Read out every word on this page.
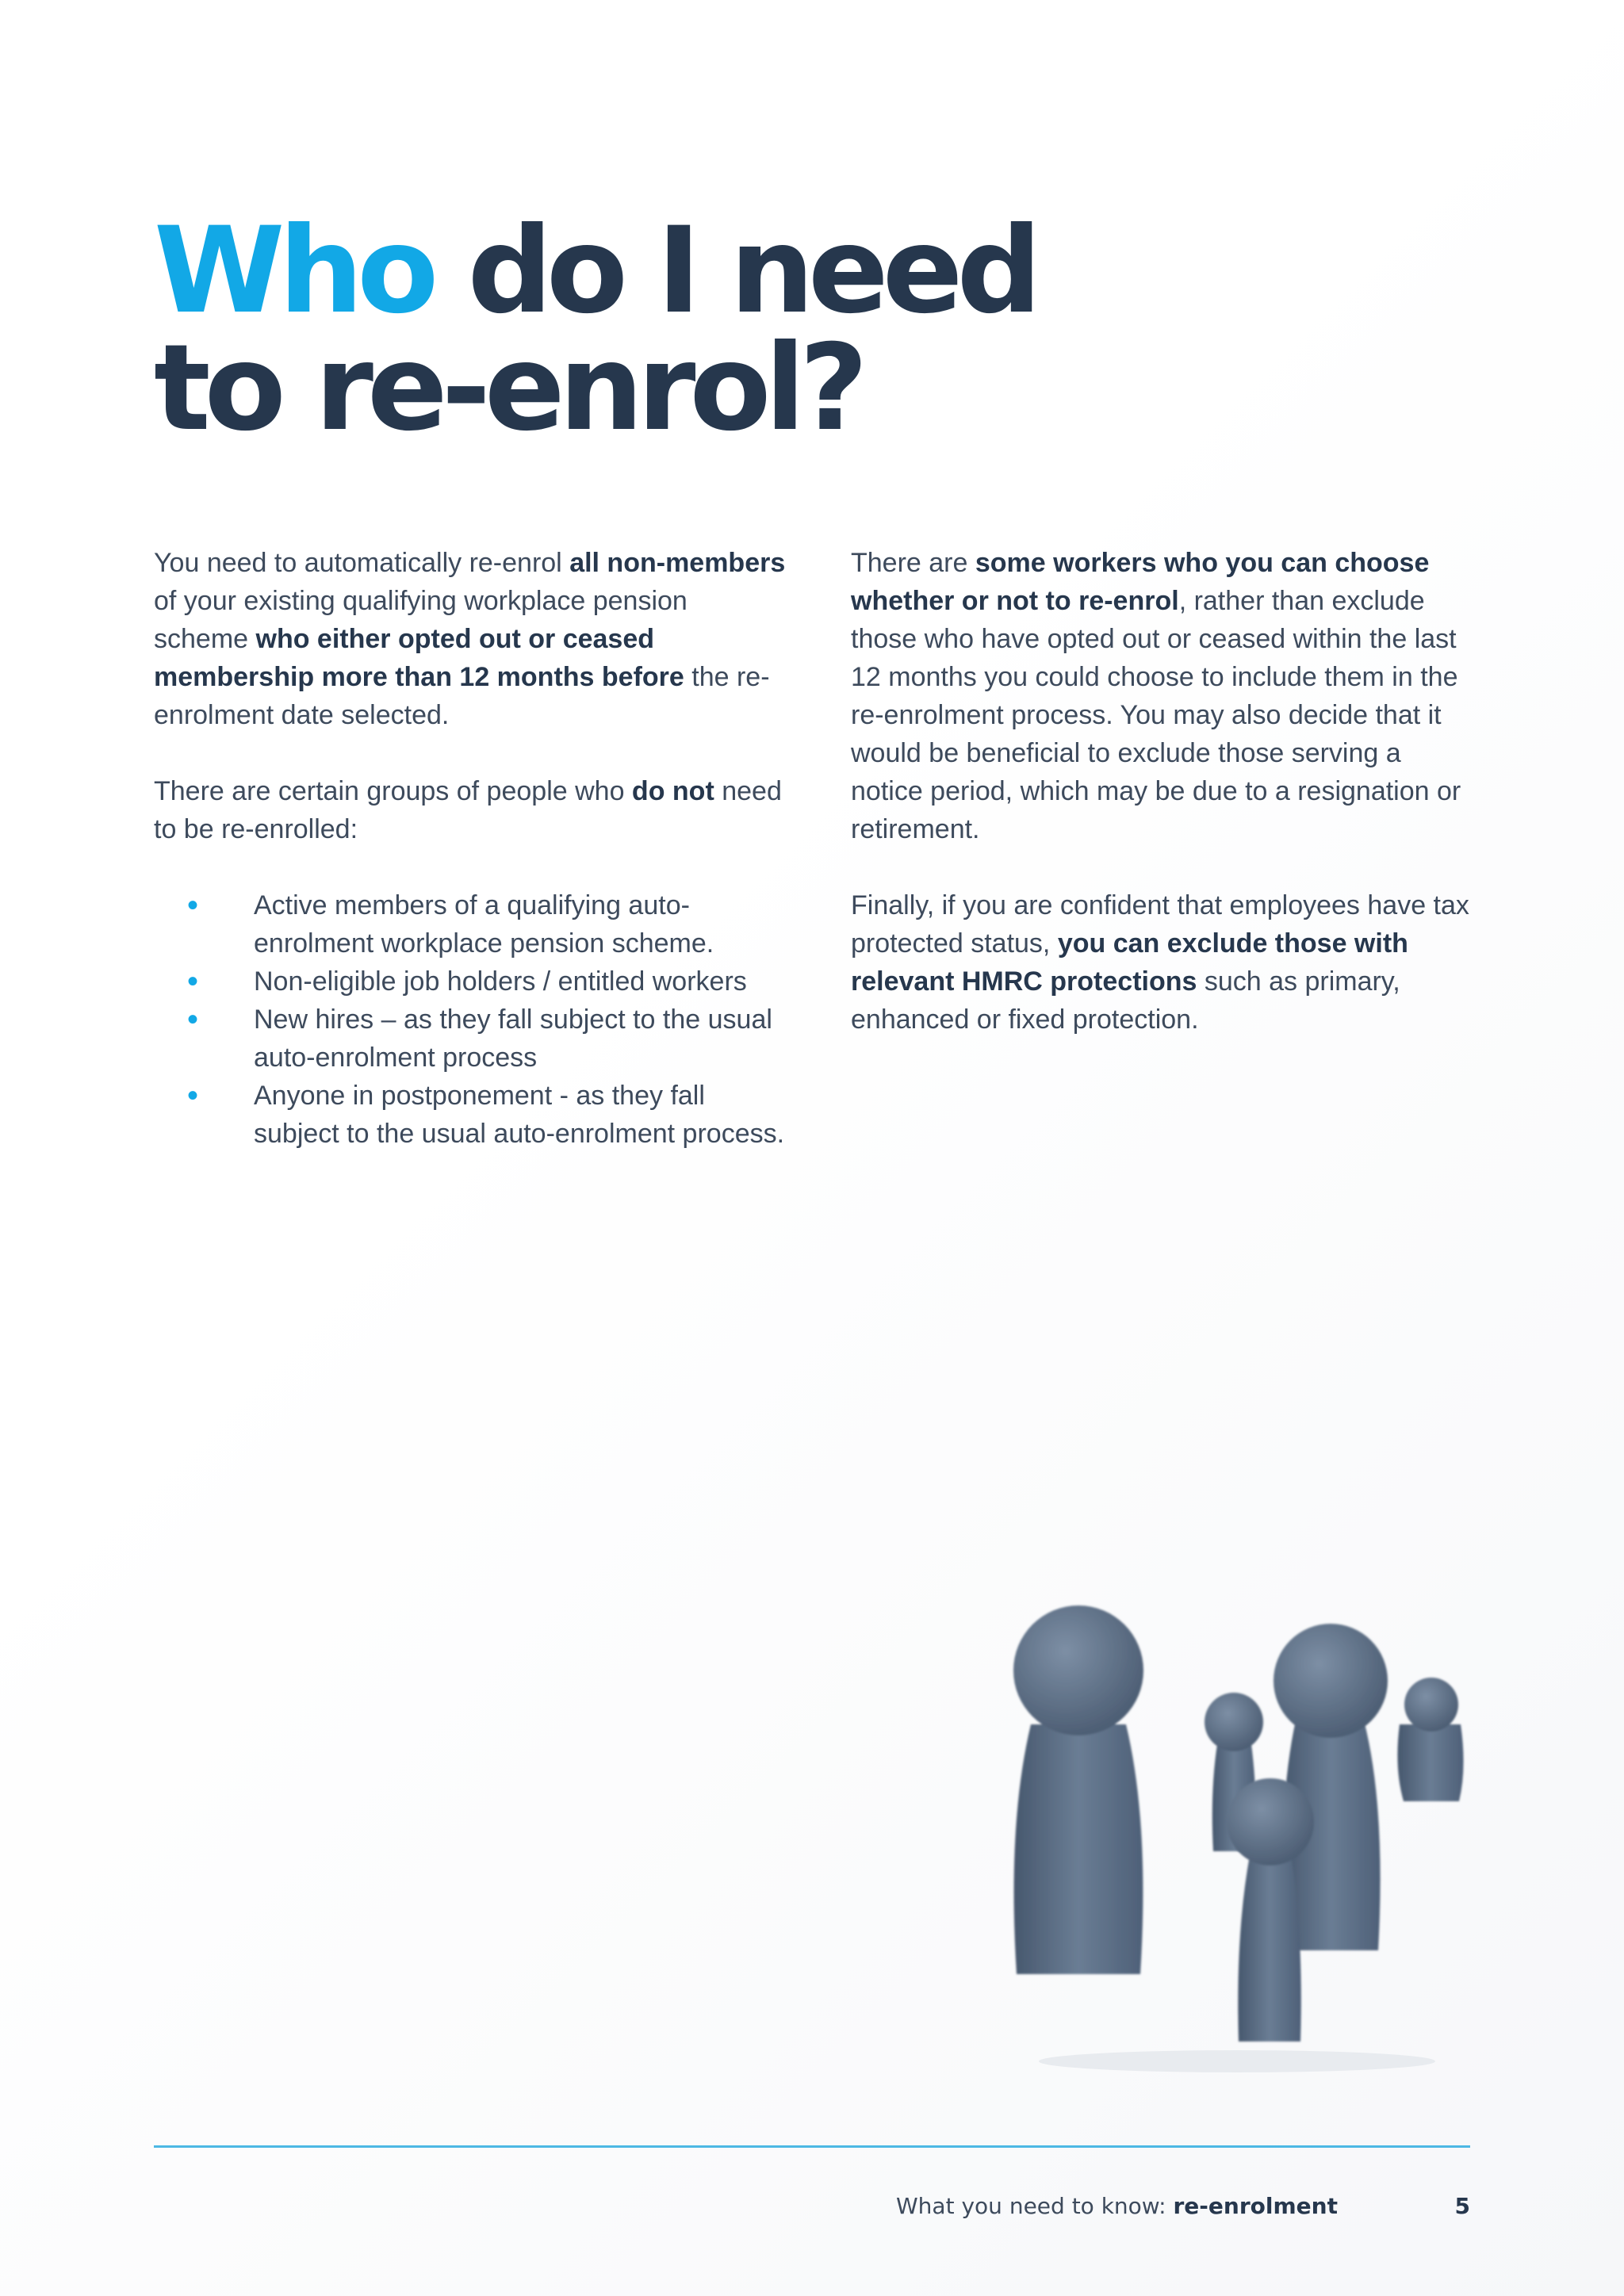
Who do I need
to re-enrol?

You need to automatically re-enrol all non-members of your existing qualifying workplace pension scheme who either opted out or ceased membership more than 12 months before the re-enrolment date selected.

There are certain groups of people who do not need to be re-enrolled:

• Active members of a qualifying auto-enrolment workplace pension scheme.
• Non-eligible job holders / entitled workers
• New hires – as they fall subject to the usual auto-enrolment process
• Anyone in postponement - as they fall subject to the usual auto-enrolment process.

There are some workers who you can choose whether or not to re-enrol, rather than exclude those who have opted out or ceased within the last 12 months you could choose to include them in the re-enrolment process. You may also decide that it would be beneficial to exclude those serving a notice period, which may be due to a resignation or retirement.

Finally, if you are confident that employees have tax protected status, you can exclude those with relevant HMRC protections such as primary, enhanced or fixed protection.

What you need to know: re-enrolment	5
